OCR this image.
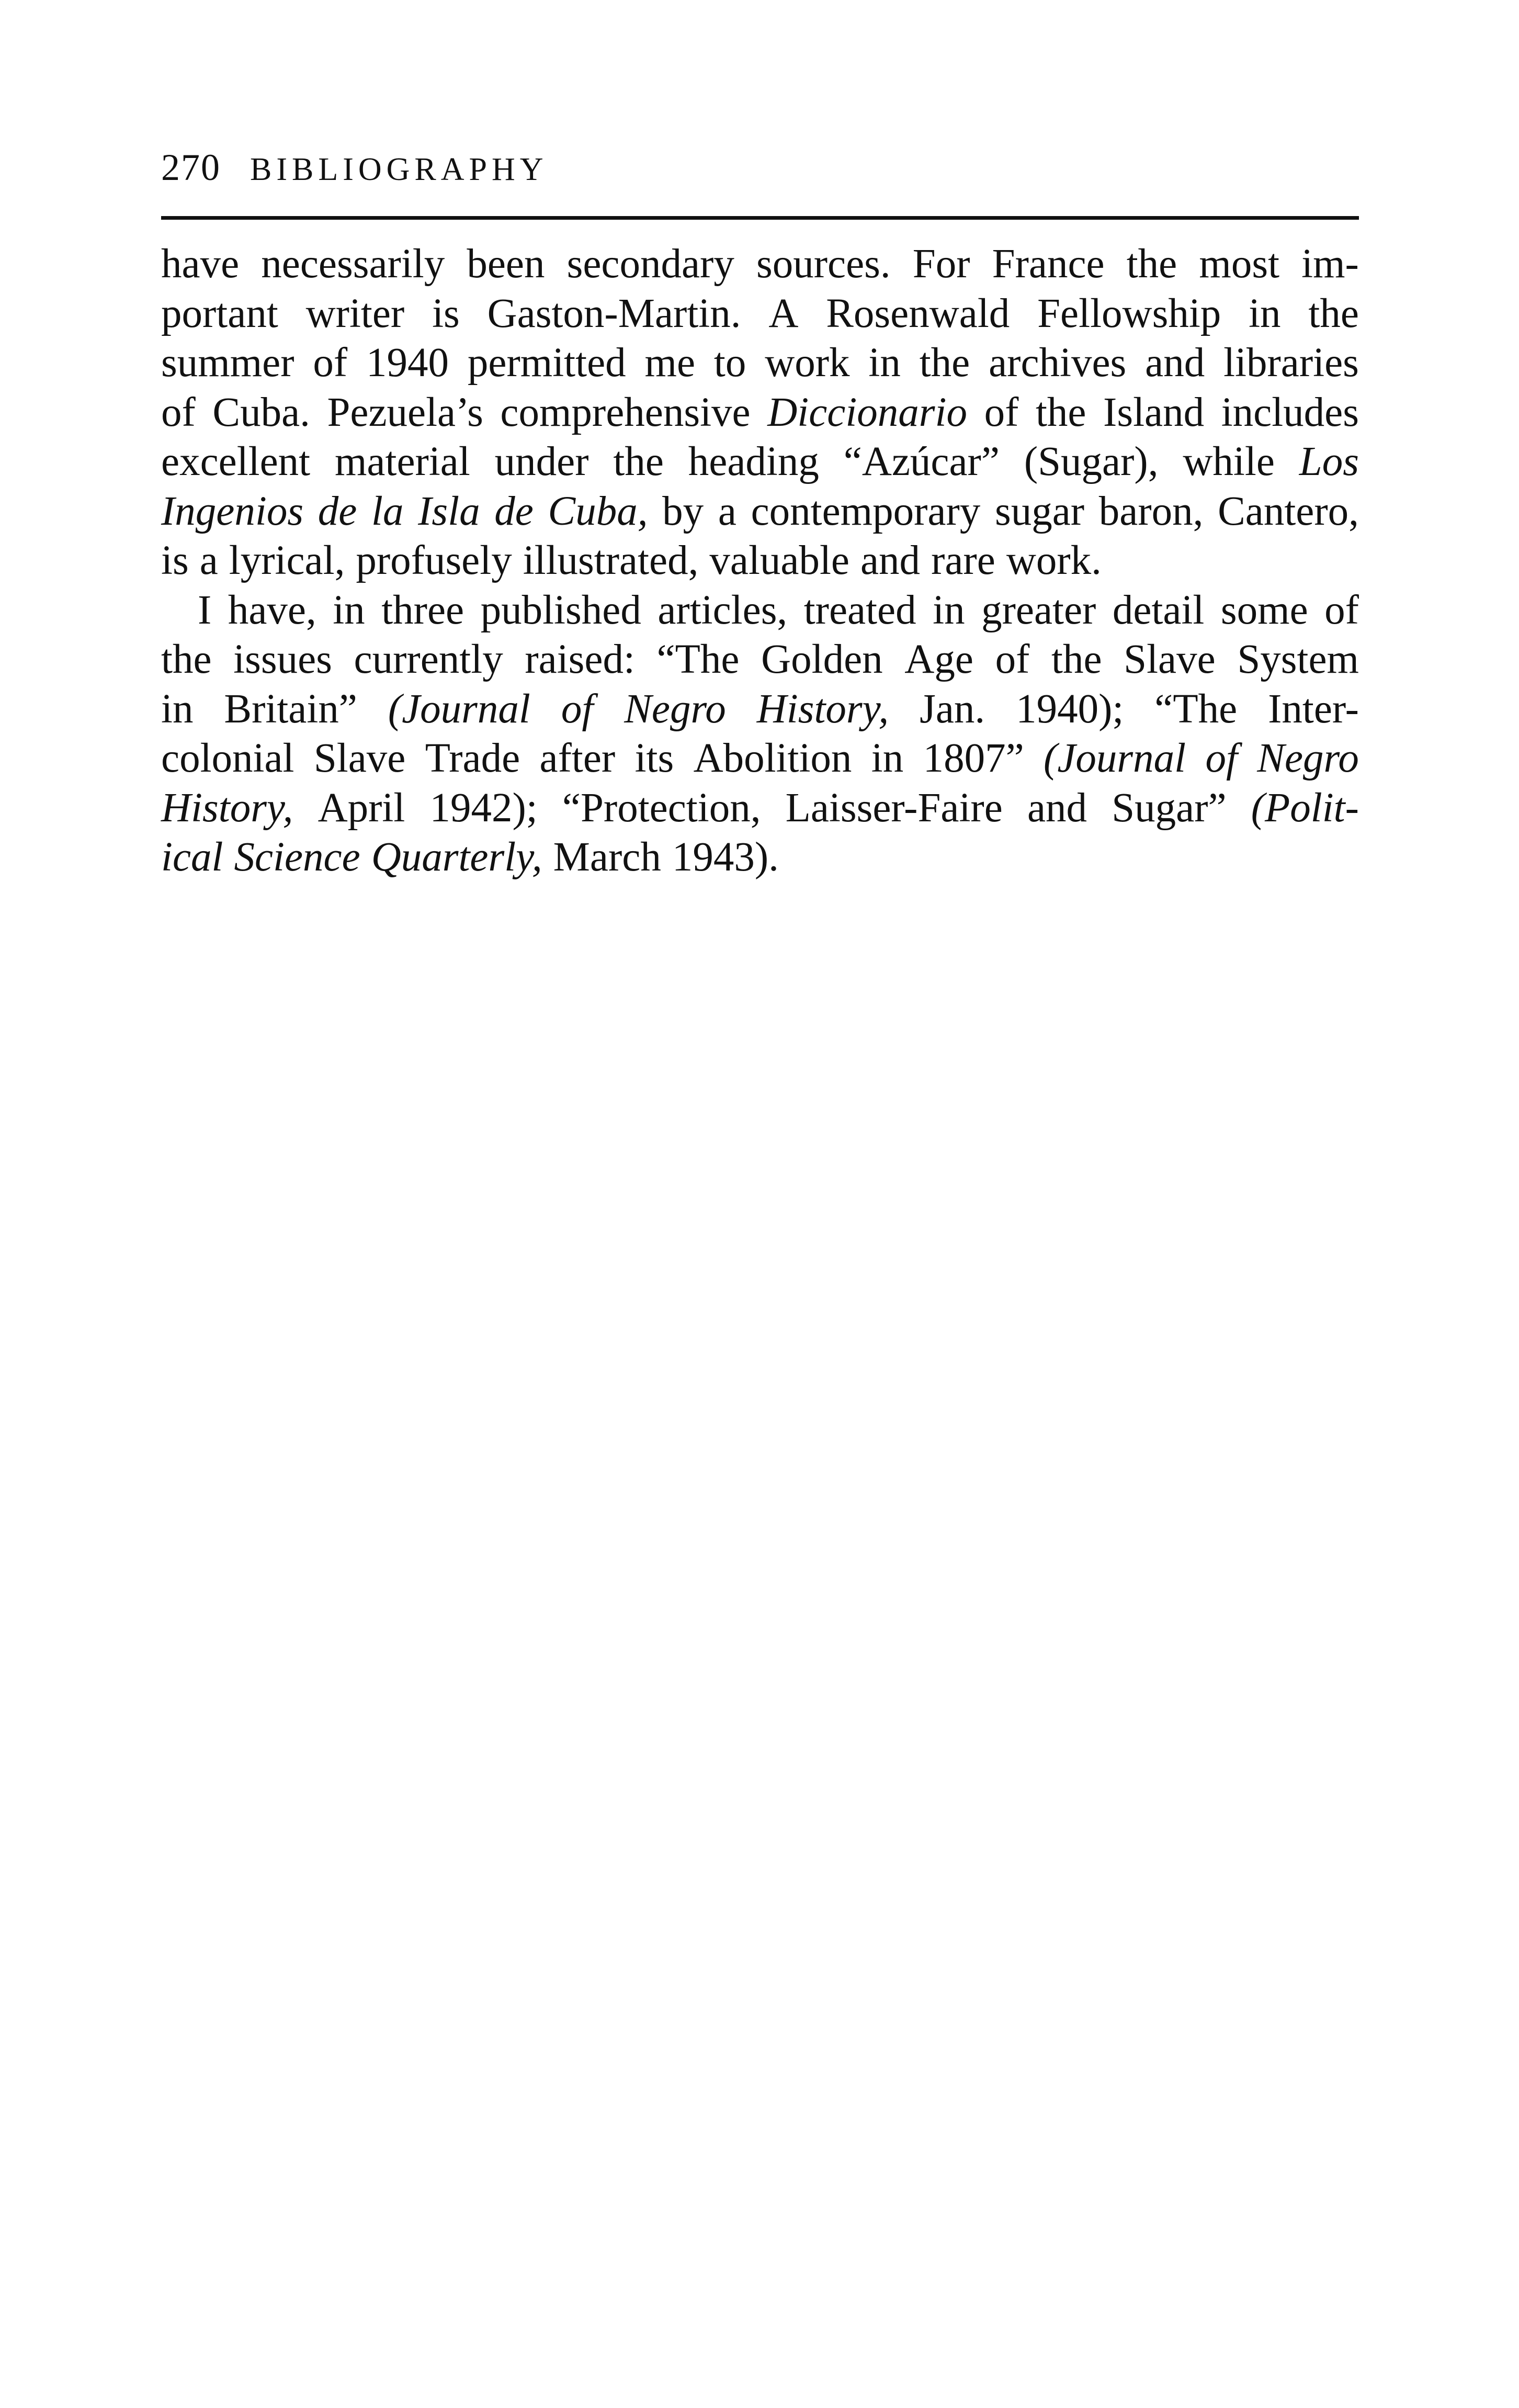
270 BIBLIOGRAPHY
have necessarily been secondary sources. For France the most im-
portant writer is Gaston-Martin. A Rosenwald Fellowship in the
summer of 1940 permitted me to work in the archives and libraries
of Cuba. Pezuela’s comprehensive Diccionario of the Island includes
excellent material under the heading “Azúcar” (Sugar), while Los
Ingenios de la Isla de Cuba, by a contemporary sugar baron, Cantero,
is a lyrical, profusely illustrated, valuable and rare work.
I have, in three published articles, treated in greater detail some of
the issues currently raised: “The Golden Age of the Slave System
in Britain” (Journal of Negro History, Jan. 1940); “The Inter-
colonial Slave Trade after its Abolition in 1807” (Journal of Negro
History, April 1942); “Protection, Laisser-Faire and Sugar” (Polit-
ical Science Quarterly, March 1943).
